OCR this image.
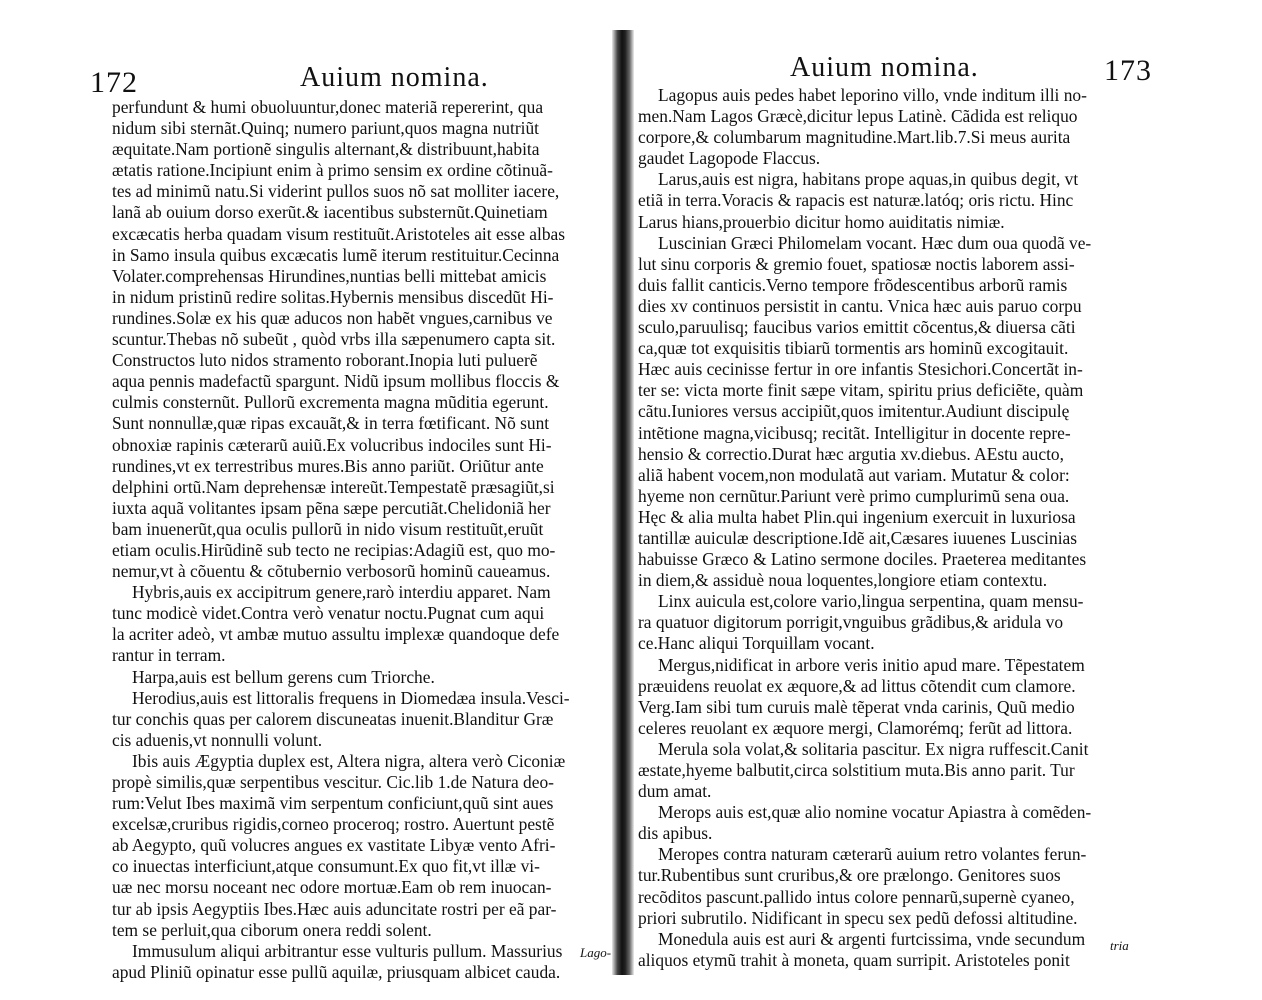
172	Auium nomina.
perfundunt & humi obuoluuntur,donec materiã repererint, qua
nidum sibi sternãt.Quinq; numero pariunt,quos magna nutriũt
æquitate.Nam portionẽ singulis alternant,& distribuunt,habita
ætatis ratione.Incipiunt enim à primo sensim ex ordine cõtinuã-
tes ad minimũ natu.Si viderint pullos suos nõ sat molliter iacere,
lanã ab ouium dorso exerũt.& iacentibus substernũt.Quinetiam
excæcatis herba quadam visum restituũt.Aristoteles ait esse albas
in Samo insula quibus excæcatis lumẽ iterum restituitur.Cecinna
Volater.comprehensas Hirundines,nuntias belli mittebat amicis
in nidum pristinũ redire solitas.Hybernis mensibus discedũt Hi-
rundines.Solæ ex his quæ aducos non habẽt vngues,carnibus ve
scuntur.Thebas nõ subeũt , quòd vrbs illa sæpenumero capta sit.
Constructos luto nidos stramento roborant.Inopia luti puluerẽ
aqua pennis madefactũ spargunt. Nidũ ipsum mollibus floccis &
culmis consternũt. Pullorũ excrementa magna mũditia egerunt.
Sunt nonnullæ,quæ ripas excauãt,& in terra fœtificant. Nõ sunt
obnoxiæ rapinis cæterarũ auiũ.Ex volucribus indociles sunt Hi-
rundines,vt ex terrestribus mures.Bis anno pariũt. Oriũtur ante
delphini ortũ.Nam deprehensæ intereũt.Tempestatẽ præsagiũt,si
iuxta aquã volitantes ipsam pẽna sæpe percutiãt.Chelidoniã her
bam inuenerũt,qua oculis pullorũ in nido visum restituũt,eruũt
etiam oculis.Hirũdinẽ sub tecto ne recipias:Adagiũ est, quo mo-
nemur,vt à cõuentu & cõtubernio verbosorũ hominũ caueamus.
Hybris,auis ex accipitrum genere,rarò interdiu apparet. Nam
tunc modicè videt.Contra verò venatur noctu.Pugnat cum aqui
la acriter adeò, vt ambæ mutuo assultu implexæ quandoque defe
rantur in terram.
Harpa,auis est bellum gerens cum Triorche.
Herodius,auis est littoralis frequens in Diomedæa insula.Vesci-
tur conchis quas per calorem discuneatas inuenit.Blanditur Græ
cis aduenis,vt nonnulli volunt.
Ibis auis Ægyptia duplex est, Altera nigra, altera verò Ciconiæ
propè similis,quæ serpentibus vescitur. Cic.lib 1.de Natura deo-
rum:Velut Ibes maximã vim serpentum conficiunt,quũ sint aues
excelsæ,cruribus rigidis,corneo proceroq; rostro. Auertunt pestẽ
ab Aegypto, quũ volucres angues ex vastitate Libyæ vento Afri-
co inuectas interficiunt,atque consumunt.Ex quo fit,vt illæ vi-
uæ nec morsu noceant nec odore mortuæ.Eam ob rem inuocan-
tur ab ipsis Aegyptiis Ibes.Hæc auis aduncitate rostri per eã par-
tem se perluit,qua ciborum onera reddi solent.
Immusulum aliqui arbitrantur esse vulturis pullum. Massurius
apud Pliniũ opinatur esse pullũ aquilæ, priusquam albicet cauda.
Lago-
Auium nomina.	173
Lagopus auis pedes habet leporino villo, vnde inditum illi no-
men.Nam Lagos Græcè,dicitur lepus Latinè. Cãdida est reliquo
corpore,& columbarum magnitudine.Mart.lib.7.Si meus aurita
gaudet Lagopode Flaccus.
Larus,auis est nigra, habitans prope aquas,in quibus degit, vt
etiã in terra.Voracis & rapacis est naturæ.latóq; oris rictu. Hinc
Larus hians,prouerbio dicitur homo auiditatis nimiæ.
Luscinian Græci Philomelam vocant. Hæc dum oua quodã ve-
lut sinu corporis & gremio fouet, spatiosæ noctis laborem assi-
duis fallit canticis.Verno tempore frõdescentibus arborũ ramis
dies xv continuos persistit in cantu. Vnica hæc auis paruo corpu
sculo,paruulisq; faucibus varios emittit cõcentus,& diuersa cãti
ca,quæ tot exquisitis tibiarũ tormentis ars hominũ excogitauit.
Hæc auis cecinisse fertur in ore infantis Stesichori.Concertãt in-
ter se: victa morte finit sæpe vitam, spiritu prius deficiẽte, quàm
cãtu.Iuniores versus accipiũt,quos imitentur.Audiunt discipulę
intẽtione magna,vicibusq; recitãt. Intelligitur in docente repre-
hensio & correctio.Durat hæc argutia xv.diebus. AEstu aucto,
aliã habent vocem,non modulatã aut variam. Mutatur & color:
hyeme non cernũtur.Pariunt verè primo cumplurimũ sena oua.
Hęc & alia multa habet Plin.qui ingenium exercuit in luxuriosa
tantillæ auiculæ descriptione.Idẽ ait,Cæsares iuuenes Luscinias
habuisse Græco & Latino sermone dociles. Praeterea meditantes
in diem,& assiduè noua loquentes,longiore etiam contextu.
Linx auicula est,colore vario,lingua serpentina, quam mensu-
ra quatuor digitorum porrigit,vnguibus grãdibus,& aridula vo
ce.Hanc aliqui Torquillam vocant.
Mergus,nidificat in arbore veris initio apud mare. Tẽpestatem
præuidens reuolat ex æquore,& ad littus cõtendit cum clamore.
Verg.Iam sibi tum curuis malè tẽperat vnda carinis, Quũ medio
celeres reuolant ex æquore mergi, Clamorémq; ferũt ad littora.
Merula sola volat,& solitaria pascitur. Ex nigra ruffescit.Canit
æstate,hyeme balbutit,circa solstitium muta.Bis anno parit. Tur
dum amat.
Merops auis est,quæ alio nomine vocatur Apiastra à comẽden-
dis apibus.
Meropes contra naturam cæterarũ auium retro volantes ferun-
tur.Rubentibus sunt cruribus,& ore prælongo. Genitores suos
recõditos pascunt.pallido intus colore pennarũ,supernè cyaneo,
priori subrutilo. Nidificant in specu sex pedũ defossi altitudine.
Monedula auis est auri & argenti furtcissima, vnde secundum
aliquos etymũ trahit à moneta, quam surripit. Aristoteles ponit
tria
